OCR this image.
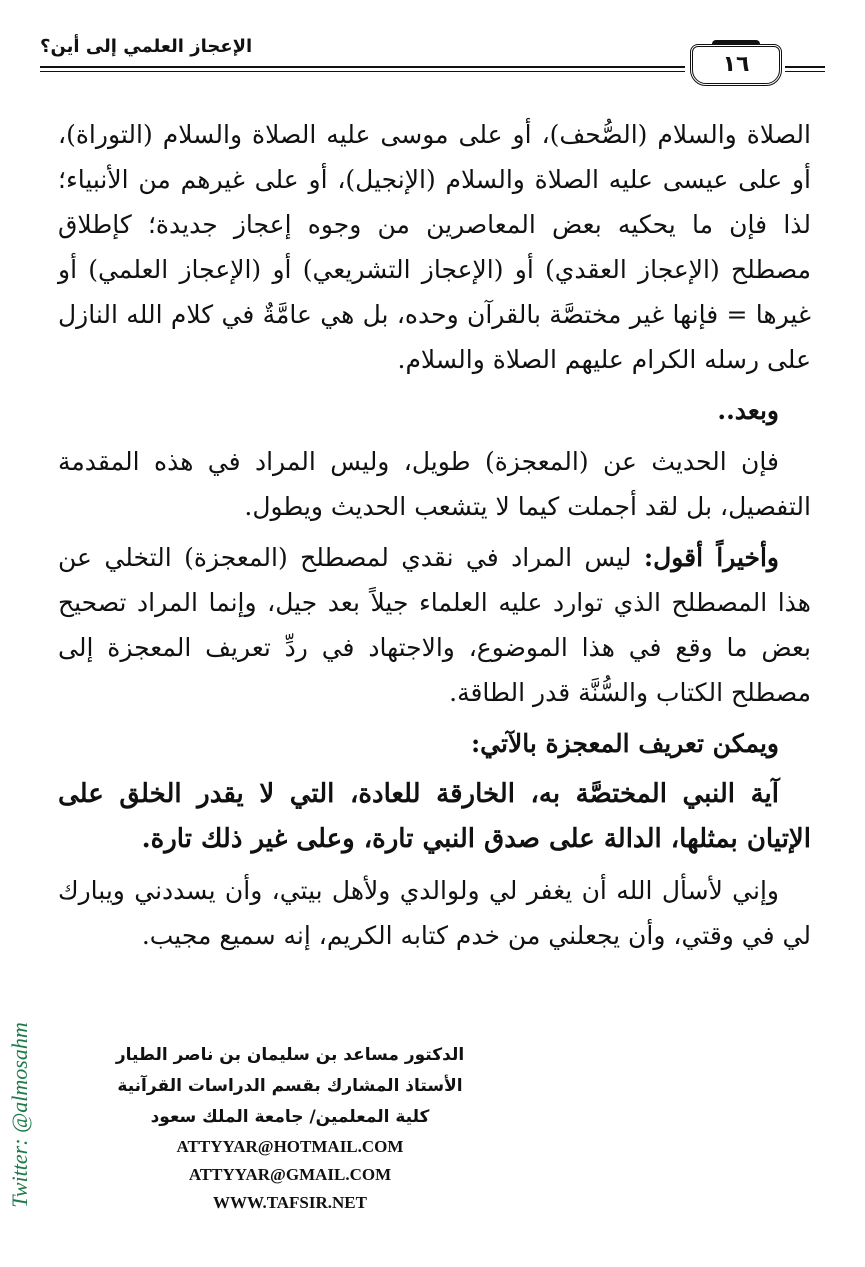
الإعجاز العلمي إلى أين؟
١٦

الصلاة والسلام (الصُّحف)، أو على موسى عليه الصلاة والسلام (التوراة)، أو على عيسى عليه الصلاة والسلام (الإنجيل)، أو على غيرهم من الأنبياء؛ لذا فإن ما يحكيه بعض المعاصرين من وجوه إعجاز جديدة؛ كإطلاق مصطلح (الإعجاز العقدي) أو (الإعجاز التشريعي) أو (الإعجاز العلمي) أو غيرها = فإنها غير مختصَّة بالقرآن وحده، بل هي عامَّةٌ في كلام الله النازل على رسله الكرام عليهم الصلاة والسلام.

وبعد..

فإن الحديث عن (المعجزة) طويل، وليس المراد في هذه المقدمة التفصيل، بل لقد أجملت كيما لا يتشعب الحديث ويطول.

وأخيراً أقول: ليس المراد في نقدي لمصطلح (المعجزة) التخلي عن هذا المصطلح الذي توارد عليه العلماء جيلاً بعد جيل، وإنما المراد تصحيح بعض ما وقع في هذا الموضوع، والاجتهاد في ردِّ تعريف المعجزة إلى مصطلح الكتاب والسُّنَّة قدر الطاقة.

ويمكن تعريف المعجزة بالآتي:

آية النبي المختصَّة به، الخارقة للعادة، التي لا يقدر الخلق على الإتيان بمثلها، الدالة على صدق النبي تارة، وعلى غير ذلك تارة.

وإني لأسأل الله أن يغفر لي ولوالدي ولأهل بيتي، وأن يسددني ويبارك لي في وقتي، وأن يجعلني من خدم كتابه الكريم، إنه سميع مجيب.

الدكتور مساعد بن سليمان بن ناصر الطيار
الأستاذ المشارك بقسم الدراسات القرآنية
كلية المعلمين/ جامعة الملك سعود
ATTYYAR@HOTMAIL.COM
ATTYYAR@GMAIL.COM
WWW.TAFSIR.NET
Twitter: @almosahm
